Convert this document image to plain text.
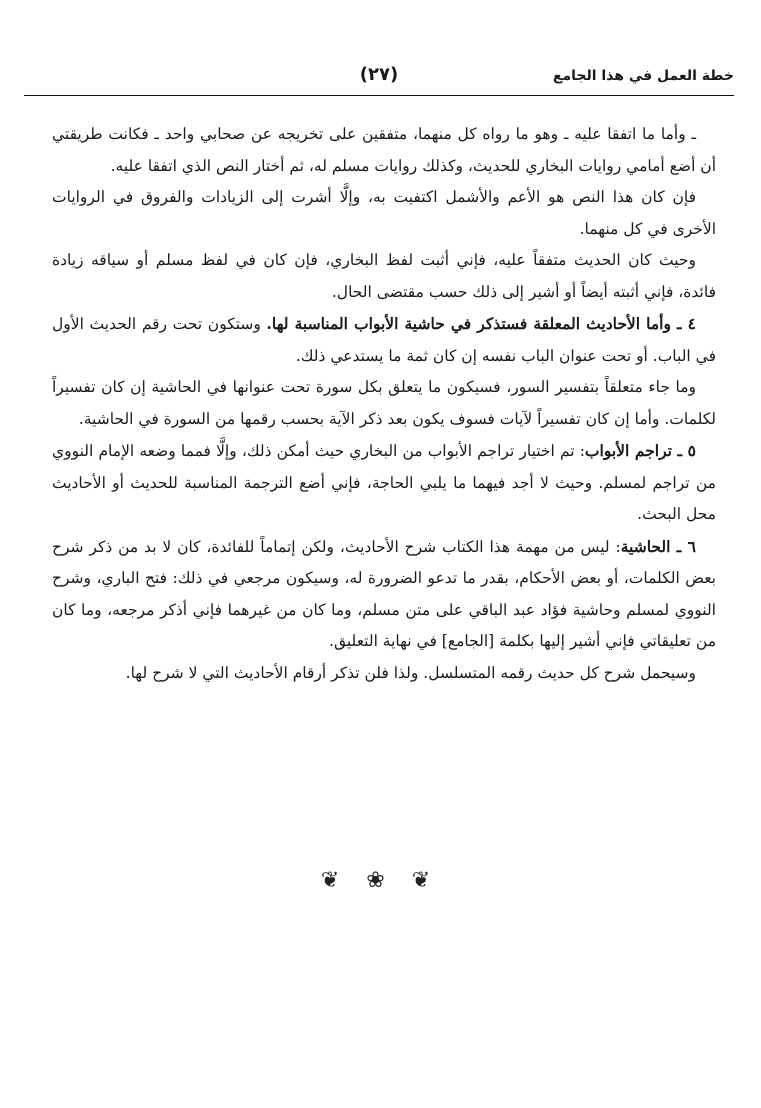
خطة العمل في هذا الجامع
(٢٧)

ـ وأما ما اتفقا عليه ـ وهو ما رواه كل منهما، متفقين على تخريجه عن صحابي واحد ـ فكانت طريقتي أن أضع أمامي روايات البخاري للحديث، وكذلك روايات مسلم له، ثم أختار النص الذي اتفقا عليه.

فإن كان هذا النص هو الأعم والأشمل اكتفيت به، وإلَّا أشرت إلى الزيادات والفروق في الروايات الأخرى في كل منهما.

وحيث كان الحديث متفقاً عليه، فإني أثبت لفظ البخاري، فإن كان في لفظ مسلم أو سياقه زيادة فائدة، فإني أثبته أيضاً أو أشير إلى ذلك حسب مقتضى الحال.

٤ ـ وأما الأحاديث المعلقة فستذكر في حاشية الأبواب المناسبة لها. وستكون تحت رقم الحديث الأول في الباب. أو تحت عنوان الباب نفسه إن كان ثمة ما يستدعي ذلك.

وما جاء متعلقاً بتفسير السور، فسيكون ما يتعلق بكل سورة تحت عنوانها في الحاشية إن كان تفسيراً لكلمات. وأما إن كان تفسيراً لآيات فسوف يكون بعد ذكر الآية بحسب رقمها من السورة في الحاشية.

٥ ـ تراجم الأبواب: تم اختيار تراجم الأبواب من البخاري حيث أمكن ذلك، وإلَّا فمما وضعه الإمام النووي من تراجم لمسلم. وحيث لا أجد فيهما ما يلبي الحاجة، فإني أضع الترجمة المناسبة للحديث أو الأحاديث محل البحث.

٦ ـ الحاشية: ليس من مهمة هذا الكتاب شرح الأحاديث، ولكن إتماماً للفائدة، كان لا بد من ذكر شرح بعض الكلمات، أو بعض الأحكام، بقدر ما تدعو الضرورة له، وسيكون مرجعي في ذلك: فتح الباري، وشرح النووي لمسلم وحاشية فؤاد عبد الباقي على متن مسلم، وما كان من غيرهما فإني أذكر مرجعه، وما كان من تعليقاتي فإني أشير إليها بكلمة [الجامع] في نهاية التعليق.

وسيحمل شرح كل حديث رقمه المتسلسل. ولذا فلن تذكر أرقام الأحاديث التي لا شرح لها.

❦ ❀ ❦
